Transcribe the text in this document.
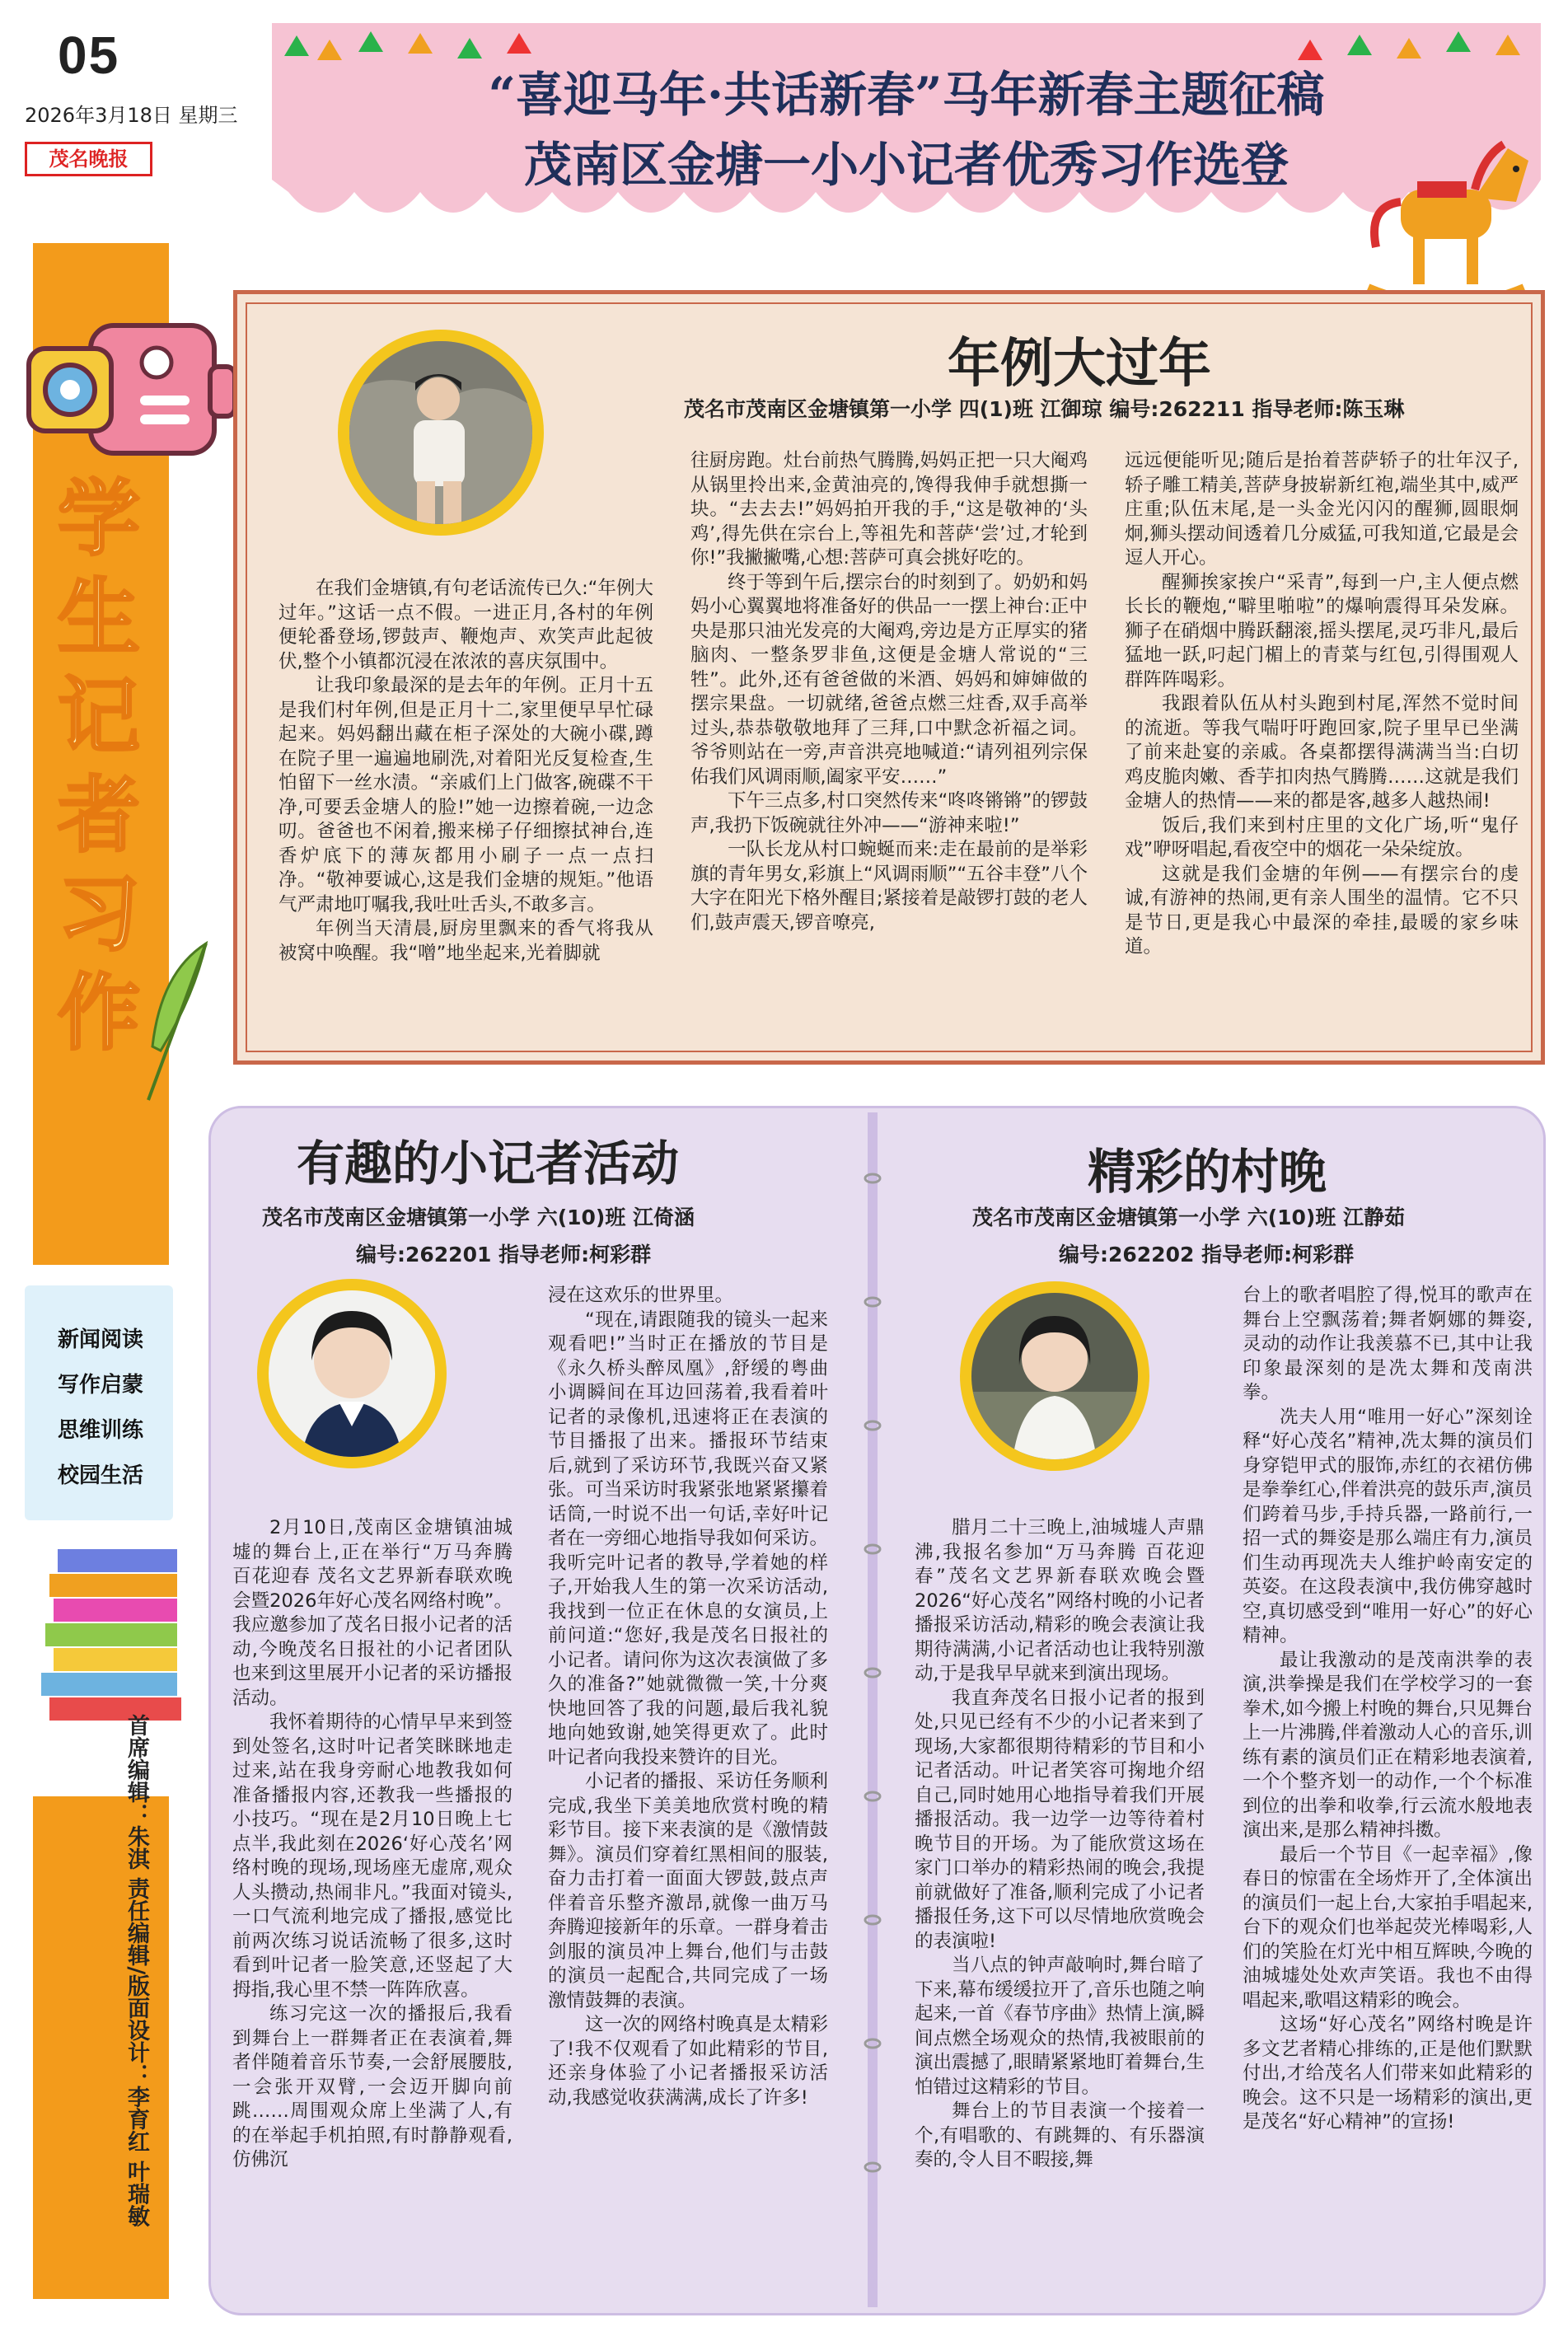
05
2026年3月18日 星期三
茂名晚报
“喜迎马年·共话新春”马年新春主题征稿
茂南区金塘一小小记者优秀习作选登
学生记者习作
新闻阅读
写作启蒙
思维训练
校园生活
首席编辑：朱淇 责任编辑/版面设计：李育红 叶瑞敏
年例大过年
茂名市茂南区金塘镇第一小学 四(1)班 江御琼 编号:262211 指导老师:陈玉琳

在我们金塘镇,有句老话流传已久:“年例大过年。”这话一点不假。一进正月,各村的年例便轮番登场,锣鼓声、鞭炮声、欢笑声此起彼伏,整个小镇都沉浸在浓浓的喜庆氛围中。

让我印象最深的是去年的年例。正月十五是我们村年例,但是正月十二,家里便早早忙碌起来。妈妈翻出藏在柜子深处的大碗小碟,蹲在院子里一遍遍地刷洗,对着阳光反复检查,生怕留下一丝水渍。“亲戚们上门做客,碗碟不干净,可要丢金塘人的脸!”她一边擦着碗,一边念叨。爸爸也不闲着,搬来梯子仔细擦拭神台,连香炉底下的薄灰都用小刷子一点一点扫净。“敬神要诚心,这是我们金塘的规矩。”他语气严肃地叮嘱我,我吐吐舌头,不敢多言。

年例当天清晨,厨房里飘来的香气将我从被窝中唤醒。我“噌”地坐起来,光着脚就

往厨房跑。灶台前热气腾腾,妈妈正把一只大阉鸡从锅里拎出来,金黄油亮的,馋得我伸手就想撕一块。“去去去!”妈妈拍开我的手,“这是敬神的‘头鸡’,得先供在宗台上,等祖先和菩萨‘尝’过,才轮到你!”我撇撇嘴,心想:菩萨可真会挑好吃的。

终于等到午后,摆宗台的时刻到了。奶奶和妈妈小心翼翼地将准备好的供品一一摆上神台:正中央是那只油光发亮的大阉鸡,旁边是方正厚实的猪脑肉、一整条罗非鱼,这便是金塘人常说的“三牲”。此外,还有爸爸做的米酒、妈妈和婶婶做的摆宗果盘。一切就绪,爸爸点燃三炷香,双手高举过头,恭恭敬敬地拜了三拜,口中默念祈福之词。爷爷则站在一旁,声音洪亮地喊道:“请列祖列宗保佑我们风调雨顺,阖家平安……”

下午三点多,村口突然传来“咚咚锵锵”的锣鼓声,我扔下饭碗就往外冲——“游神来啦!”

一队长龙从村口蜿蜒而来:走在最前的是举彩旗的青年男女,彩旗上“风调雨顺”“五谷丰登”八个大字在阳光下格外醒目;紧接着是敲锣打鼓的老人们,鼓声震天,锣音嘹亮,

远远便能听见;随后是抬着菩萨轿子的壮年汉子,轿子雕工精美,菩萨身披崭新红袍,端坐其中,威严庄重;队伍末尾,是一头金光闪闪的醒狮,圆眼炯炯,狮头摆动间透着几分威猛,可我知道,它最是会逗人开心。

醒狮挨家挨户“采青”,每到一户,主人便点燃长长的鞭炮,“噼里啪啦”的爆响震得耳朵发麻。狮子在硝烟中腾跃翻滚,摇头摆尾,灵巧非凡,最后猛地一跃,叼起门楣上的青菜与红包,引得围观人群阵阵喝彩。

我跟着队伍从村头跑到村尾,浑然不觉时间的流逝。等我气喘吁吁跑回家,院子里早已坐满了前来赴宴的亲戚。各桌都摆得满满当当:白切鸡皮脆肉嫩、香芋扣肉热气腾腾……这就是我们金塘人的热情——来的都是客,越多人越热闹!

饭后,我们来到村庄里的文化广场,听“鬼仔戏”咿呀唱起,看夜空中的烟花一朵朵绽放。

这就是我们金塘的年例——有摆宗台的虔诚,有游神的热闹,更有亲人围坐的温情。它不只是节日,更是我心中最深的牵挂,最暖的家乡味道。

有趣的小记者活动
茂名市茂南区金塘镇第一小学 六(10)班 江倚涵
编号:262201 指导老师:柯彩群

2月10日,茂南区金塘镇油城墟的舞台上,正在举行“万马奔腾 百花迎春 茂名文艺界新春联欢晚会暨2026年好心茂名网络村晚”。我应邀参加了茂名日报小记者的活动,今晚茂名日报社的小记者团队也来到这里展开小记者的采访播报活动。

我怀着期待的心情早早来到签到处签名,这时叶记者笑眯眯地走过来,站在我身旁耐心地教我如何准备播报内容,还教我一些播报的小技巧。“现在是2月10日晚上七点半,我此刻在2026‘好心茂名’网络村晚的现场,现场座无虚席,观众人头攒动,热闹非凡。”我面对镜头,一口气流利地完成了播报,感觉比前两次练习说话流畅了很多,这时看到叶记者一脸笑意,还竖起了大拇指,我心里不禁一阵阵欣喜。

练习完这一次的播报后,我看到舞台上一群舞者正在表演着,舞者伴随着音乐节奏,一会舒展腰肢,一会张开双臂,一会迈开脚向前跳……周围观众席上坐满了人,有的在举起手机拍照,有时静静观看,仿佛沉

浸在这欢乐的世界里。

“现在,请跟随我的镜头一起来观看吧!”当时正在播放的节目是《永久桥头醉凤凰》,舒缓的粤曲小调瞬间在耳边回荡着,我看着叶记者的录像机,迅速将正在表演的节目播报了出来。播报环节结束后,就到了采访环节,我既兴奋又紧张。可当采访时我紧张地紧紧攥着话筒,一时说不出一句话,幸好叶记者在一旁细心地指导我如何采访。我听完叶记者的教导,学着她的样子,开始我人生的第一次采访活动,我找到一位正在休息的女演员,上前问道:“您好,我是茂名日报社的小记者。请问你为这次表演做了多久的准备?”她就微微一笑,十分爽快地回答了我的问题,最后我礼貌地向她致谢,她笑得更欢了。此时叶记者向我投来赞许的目光。

小记者的播报、采访任务顺利完成,我坐下美美地欣赏村晚的精彩节目。接下来表演的是《激情鼓舞》。演员们穿着红黑相间的服装,奋力击打着一面面大锣鼓,鼓点声伴着音乐整齐激昂,就像一曲万马奔腾迎接新年的乐章。一群身着击剑服的演员冲上舞台,他们与击鼓的演员一起配合,共同完成了一场激情鼓舞的表演。

这一次的网络村晚真是太精彩了!我不仅观看了如此精彩的节目,还亲身体验了小记者播报采访活动,我感觉收获满满,成长了许多!

精彩的村晚
茂名市茂南区金塘镇第一小学 六(10)班 江静茹
编号:262202 指导老师:柯彩群

腊月二十三晚上,油城墟人声鼎沸,我报名参加“万马奔腾 百花迎春”茂名文艺界新春联欢晚会暨2026“好心茂名”网络村晚的小记者播报采访活动,精彩的晚会表演让我期待满满,小记者活动也让我特别激动,于是我早早就来到演出现场。

我直奔茂名日报小记者的报到处,只见已经有不少的小记者来到了现场,大家都很期待精彩的节目和小记者活动。叶记者笑容可掬地介绍自己,同时她用心地指导着我们开展播报活动。我一边学一边等待着村晚节目的开场。为了能欣赏这场在家门口举办的精彩热闹的晚会,我提前就做好了准备,顺利完成了小记者播报任务,这下可以尽情地欣赏晚会的表演啦!

当八点的钟声敲响时,舞台暗了下来,幕布缓缓拉开了,音乐也随之响起来,一首《春节序曲》热情上演,瞬间点燃全场观众的热情,我被眼前的演出震撼了,眼睛紧紧地盯着舞台,生怕错过这精彩的节目。

舞台上的节目表演一个接着一个,有唱歌的、有跳舞的、有乐器演奏的,令人目不暇接,舞

台上的歌者唱腔了得,悦耳的歌声在舞台上空飘荡着;舞者婀娜的舞姿,灵动的动作让我羡慕不已,其中让我印象最深刻的是冼太舞和茂南洪拳。

冼夫人用“唯用一好心”深刻诠释“好心茂名”精神,冼太舞的演员们身穿铠甲式的服饰,赤红的衣裙仿佛是拳拳红心,伴着洪亮的鼓乐声,演员们跨着马步,手持兵器,一路前行,一招一式的舞姿是那么端庄有力,演员们生动再现冼夫人维护岭南安定的英姿。在这段表演中,我仿佛穿越时空,真切感受到“唯用一好心”的好心精神。

最让我激动的是茂南洪拳的表演,洪拳操是我们在学校学习的一套拳术,如今搬上村晚的舞台,只见舞台上一片沸腾,伴着激动人心的音乐,训练有素的演员们正在精彩地表演着,一个个整齐划一的动作,一个个标准到位的出拳和收拳,行云流水般地表演出来,是那么精神抖擞。

最后一个节目《一起幸福》,像春日的惊雷在全场炸开了,全体演出的演员们一起上台,大家拍手唱起来,台下的观众们也举起荧光棒喝彩,人们的笑脸在灯光中相互辉映,今晚的油城墟处处欢声笑语。我也不由得唱起来,歌唱这精彩的晚会。

这场“好心茂名”网络村晚是许多文艺者精心排练的,正是他们默默付出,才给茂名人们带来如此精彩的晚会。这不只是一场精彩的演出,更是茂名“好心精神”的宣扬!
